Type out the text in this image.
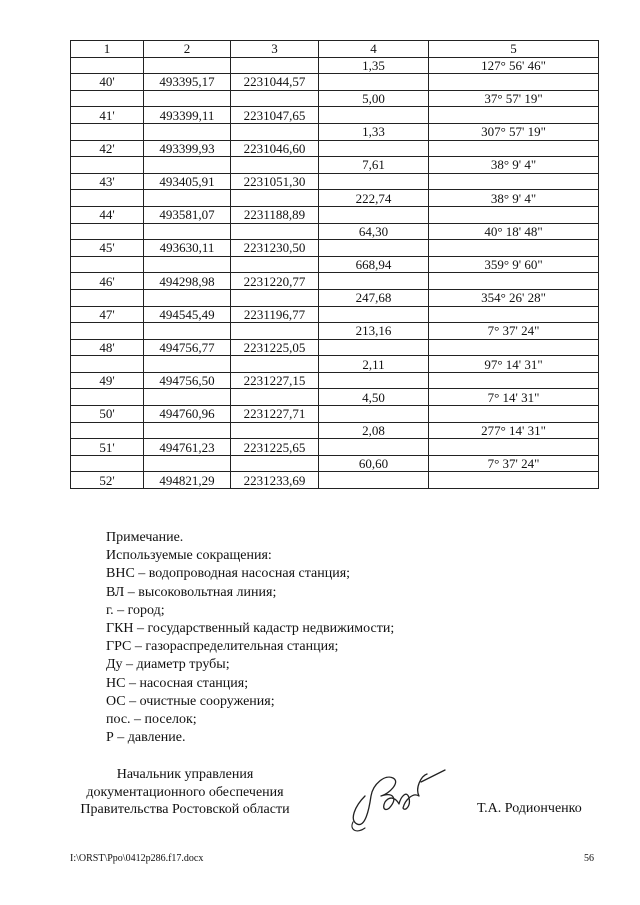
1	2	3	4	5
			1,35	127° 56' 46"
40'	493395,17	2231044,57		
			5,00	37° 57' 19"
41'	493399,11	2231047,65		
			1,33	307° 57' 19"
42'	493399,93	2231046,60		
			7,61	38° 9' 4"
43'	493405,91	2231051,30		
			222,74	38° 9' 4"
44'	493581,07	2231188,89		
			64,30	40° 18' 48"
45'	493630,11	2231230,50		
			668,94	359° 9' 60"
46'	494298,98	2231220,77		
			247,68	354° 26' 28"
47'	494545,49	2231196,77		
			213,16	7° 37' 24"
48'	494756,77	2231225,05		
			2,11	97° 14' 31"
49'	494756,50	2231227,15		
			4,50	7° 14' 31"
50'	494760,96	2231227,71		
			2,08	277° 14' 31"
51'	494761,23	2231225,65		
			60,60	7° 37' 24"
52'	494821,29	2231233,69		
Примечание.
Используемые сокращения:
ВНС – водопроводная насосная станция;
ВЛ – высоковольтная линия;
г. – город;
ГКН – государственный кадастр недвижимости;
ГРС – газораспределительная станция;
Ду – диаметр трубы;
НС – насосная станция;
ОС – очистные сооружения;
пос. – поселок;
Р – давление.
Начальник управления
документационного обеспечения
Правительства Ростовской области	Т.А. Родионченко
I:\ORST\Ppo\0412p286.f17.docx	56
